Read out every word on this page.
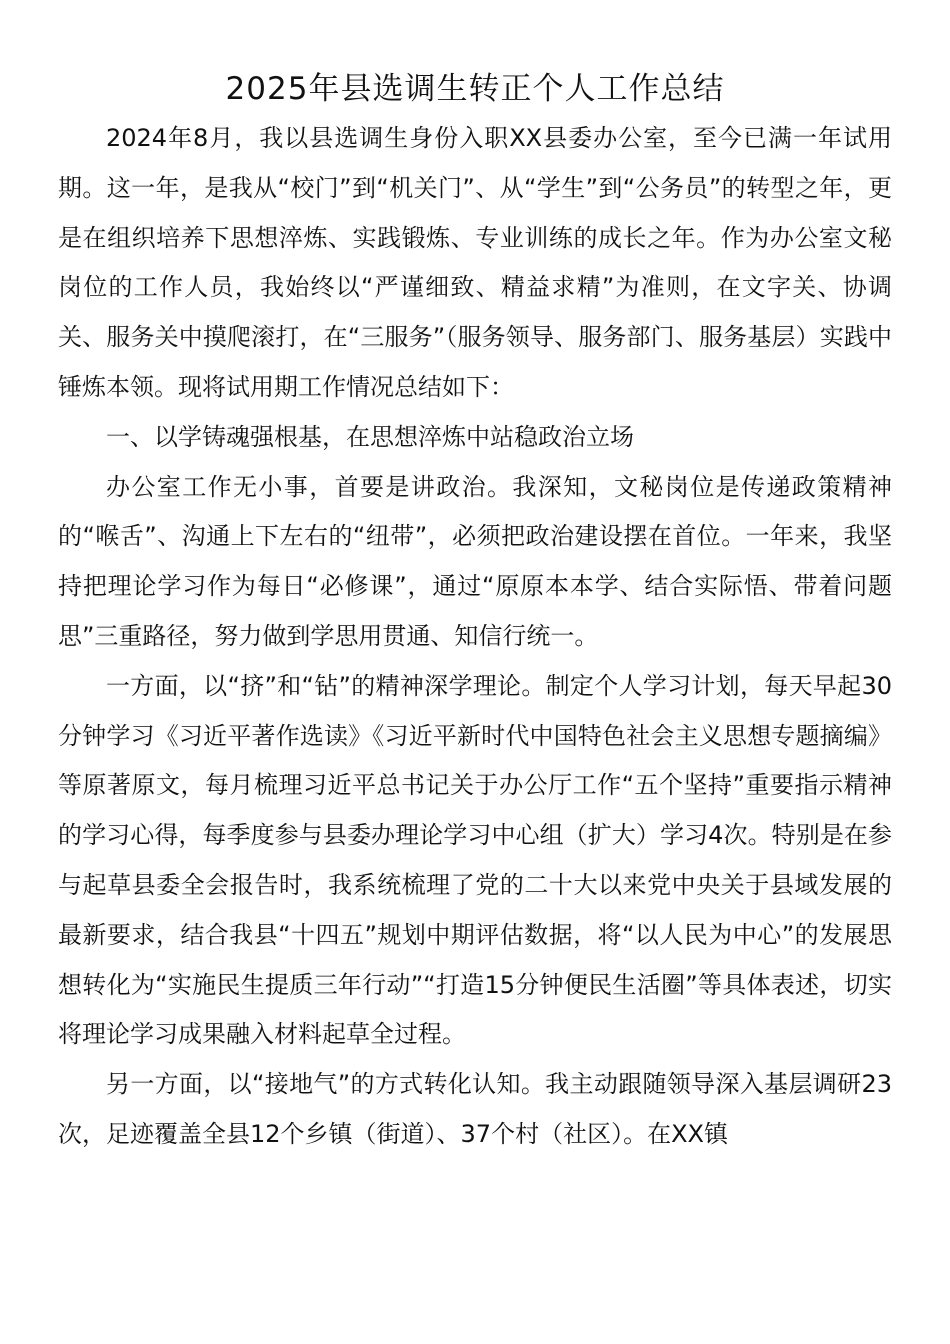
2025年县选调生转正个人工作总结

2024年8月，我以县选调生身份入职XX县委办公室，至今已满一年试用期。这一年，是我从“校门”到“机关门”、从“学生”到“公务员”的转型之年，更是在组织培养下思想淬炼、实践锻炼、专业训练的成长之年。作为办公室文秘岗位的工作人员，我始终以“严谨细致、精益求精”为准则，在文字关、协调关、服务关中摸爬滚打，在“三服务”（服务领导、服务部门、服务基层）实践中锤炼本领。现将试用期工作情况总结如下：

一、以学铸魂强根基，在思想淬炼中站稳政治立场

办公室工作无小事，首要是讲政治。我深知，文秘岗位是传递政策精神的“喉舌”、沟通上下左右的“纽带”，必须把政治建设摆在首位。一年来，我坚持把理论学习作为每日“必修课”，通过“原原本本学、结合实际悟、带着问题思”三重路径，努力做到学思用贯通、知信行统一。

一方面，以“挤”和“钻”的精神深学理论。制定个人学习计划，每天早起30分钟学习《习近平著作选读》《习近平新时代中国特色社会主义思想专题摘编》等原著原文，每月梳理习近平总书记关于办公厅工作“五个坚持”重要指示精神的学习心得，每季度参与县委办理论学习中心组（扩大）学习4次。特别是在参与起草县委全会报告时，我系统梳理了党的二十大以来党中央关于县域发展的最新要求，结合我县“十四五”规划中期评估数据，将“以人民为中心”的发展思想转化为“实施民生提质三年行动”“打造15分钟便民生活圈”等具体表述，切实将理论学习成果融入材料起草全过程。

另一方面，以“接地气”的方式转化认知。我主动跟随领导深入基层调研23次，足迹覆盖全县12个乡镇（街道）、37个村（社区）。在XX镇
